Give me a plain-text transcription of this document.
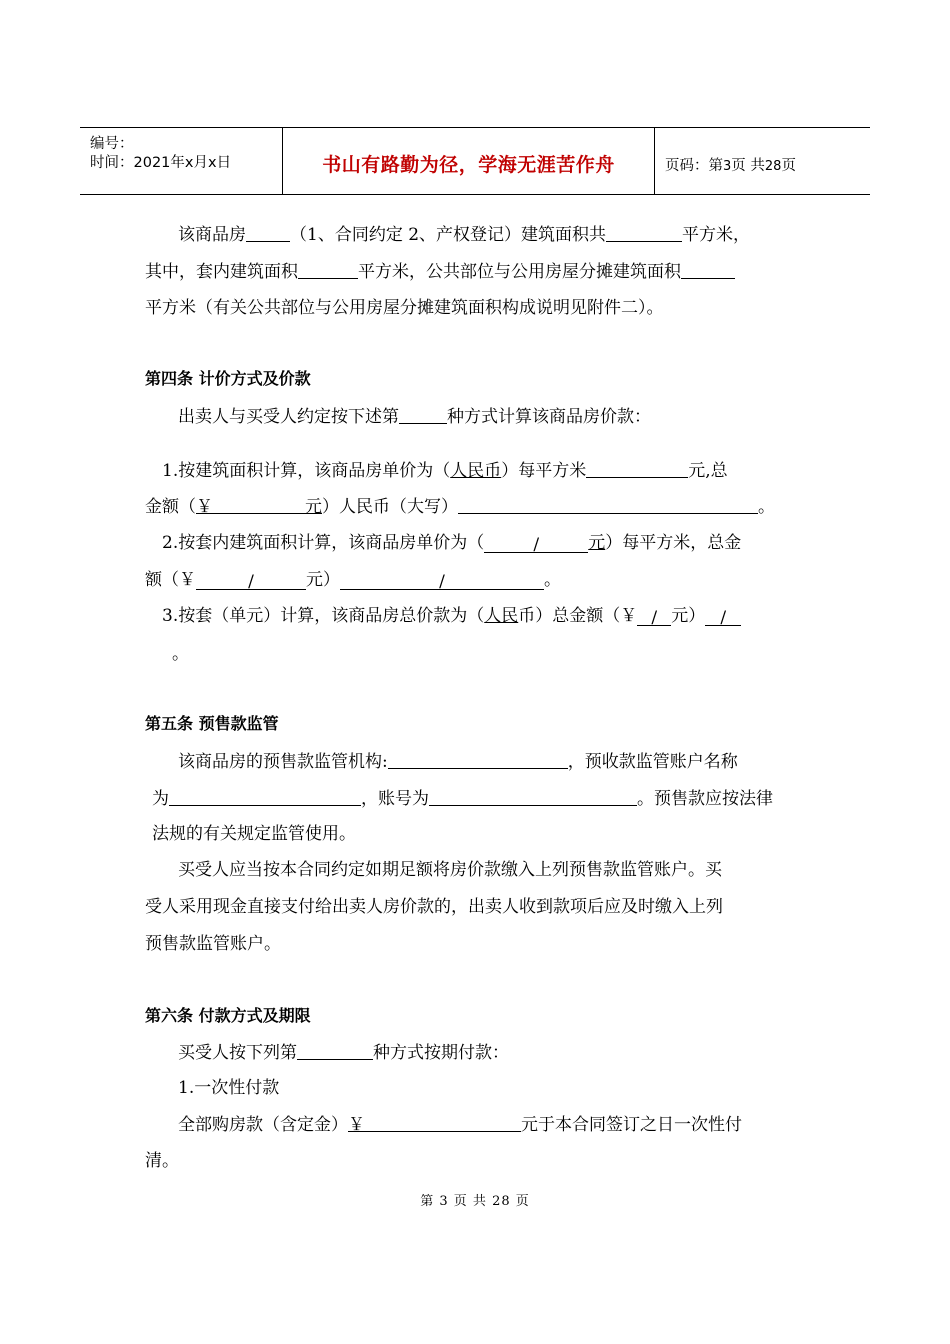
编号：
时间：2021年x月x日	书山有路勤为径，学海无涯苦作舟	页码：第3页 共28页
该商品房	（1、合同约定 2、产权登记）建筑面积共	平方米，
其中，套内建筑面积	平方米，公共部位与公用房屋分摊建筑面积
平方米（有关公共部位与公用房屋分摊建筑面积构成说明见附件二）。
第四条 计价方式及价款
出卖人与买受人约定按下述第	种方式计算该商品房价款：
1.按建筑面积计算，该商品房单价为（人民币）每平方米	元,总
金额（￥	元）人民币（大写）	。
2.按套内建筑面积计算，该商品房单价为（	/	元）每平方米，总金
额（￥	/	元）	/	。
3.按套（单元）计算，该商品房总价款为（人民币）总金额（￥ / 元） /
。
第五条 预售款监管
该商品房的预售款监管机构:	，预收款监管账户名称
为	，账号为	。预售款应按法律
法规的有关规定监管使用。
买受人应当按本合同约定如期足额将房价款缴入上列预售款监管账户。买
受人采用现金直接支付给出卖人房价款的，出卖人收到款项后应及时缴入上列
预售款监管账户。
第六条 付款方式及期限
买受人按下列第	种方式按期付款：
1.一次性付款
全部购房款（含定金）￥	元于本合同签订之日一次性付
清。
第 3 页 共 28 页
